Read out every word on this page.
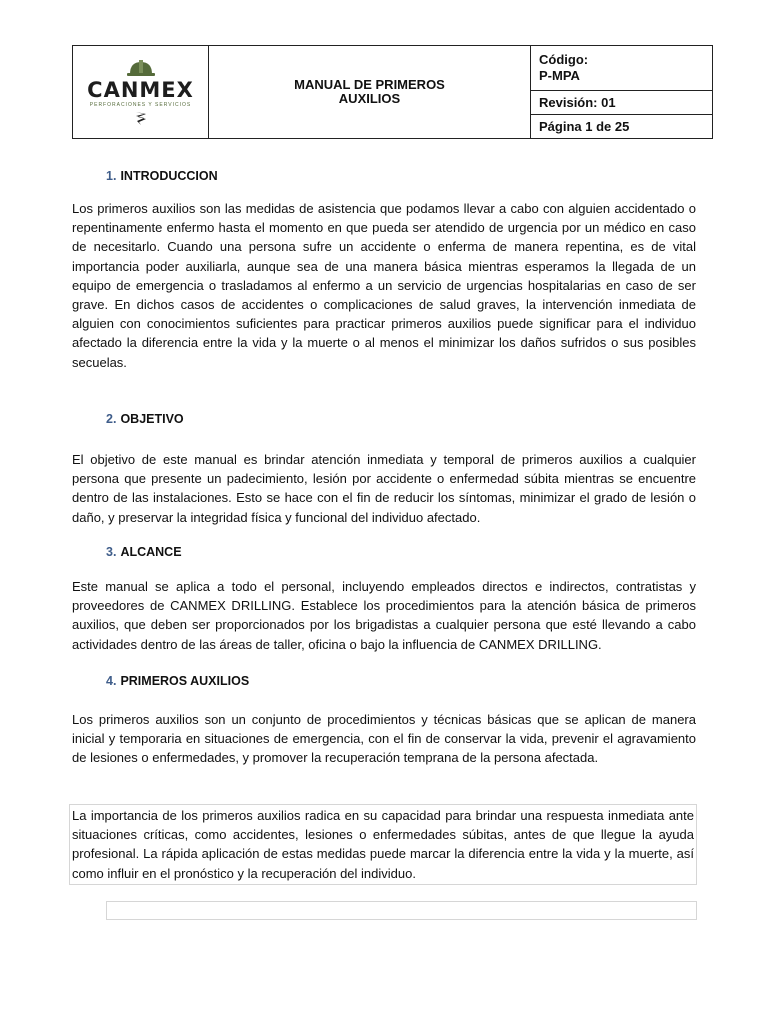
CANMEX
PERFORACIONES Y SERVICIOS
MANUAL DE PRIMEROS AUXILIOS
Código:
P-MPA
Revisión: 01
Página 1 de 25
1. INTRODUCCION
Los primeros auxilios son las medidas de asistencia que podamos llevar a cabo con alguien accidentado o repentinamente enfermo hasta el momento en que pueda ser atendido de urgencia por un médico en caso de necesitarlo. Cuando una persona sufre un accidente o enferma de manera repentina, es de vital importancia poder auxiliarla, aunque sea de una manera básica mientras esperamos la llegada de un equipo de emergencia o trasladamos al enfermo a un servicio de urgencias hospitalarias en caso de ser grave. En dichos casos de accidentes o complicaciones de salud graves, la intervención inmediata de alguien con conocimientos suficientes para practicar primeros auxilios puede significar para el individuo afectado la diferencia entre la vida y la muerte o al menos el minimizar los daños sufridos o sus posibles secuelas.
2. OBJETIVO
El objetivo de este manual es brindar atención inmediata y temporal de primeros auxilios a cualquier persona que presente un padecimiento, lesión por accidente o enfermedad súbita mientras se encuentre dentro de las instalaciones. Esto se hace con el fin de reducir los síntomas, minimizar el grado de lesión o daño, y preservar la integridad física y funcional del individuo afectado.
3. ALCANCE
Este manual se aplica a todo el personal, incluyendo empleados directos e indirectos, contratistas y proveedores de CANMEX DRILLING. Establece los procedimientos para la atención básica de primeros auxilios, que deben ser proporcionados por los brigadistas a cualquier persona que esté llevando a cabo actividades dentro de las áreas de taller, oficina o bajo la influencia de CANMEX DRILLING.
4. PRIMEROS AUXILIOS
Los primeros auxilios son un conjunto de procedimientos y técnicas básicas que se aplican de manera inicial y temporaria en situaciones de emergencia, con el fin de conservar la vida, prevenir el agravamiento de lesiones o enfermedades, y promover la recuperación temprana de la persona afectada.
La importancia de los primeros auxilios radica en su capacidad para brindar una respuesta inmediata ante situaciones críticas, como accidentes, lesiones o enfermedades súbitas, antes de que llegue la ayuda profesional. La rápida aplicación de estas medidas puede marcar la diferencia entre la vida y la muerte, así como influir en el pronóstico y la recuperación del individuo.
